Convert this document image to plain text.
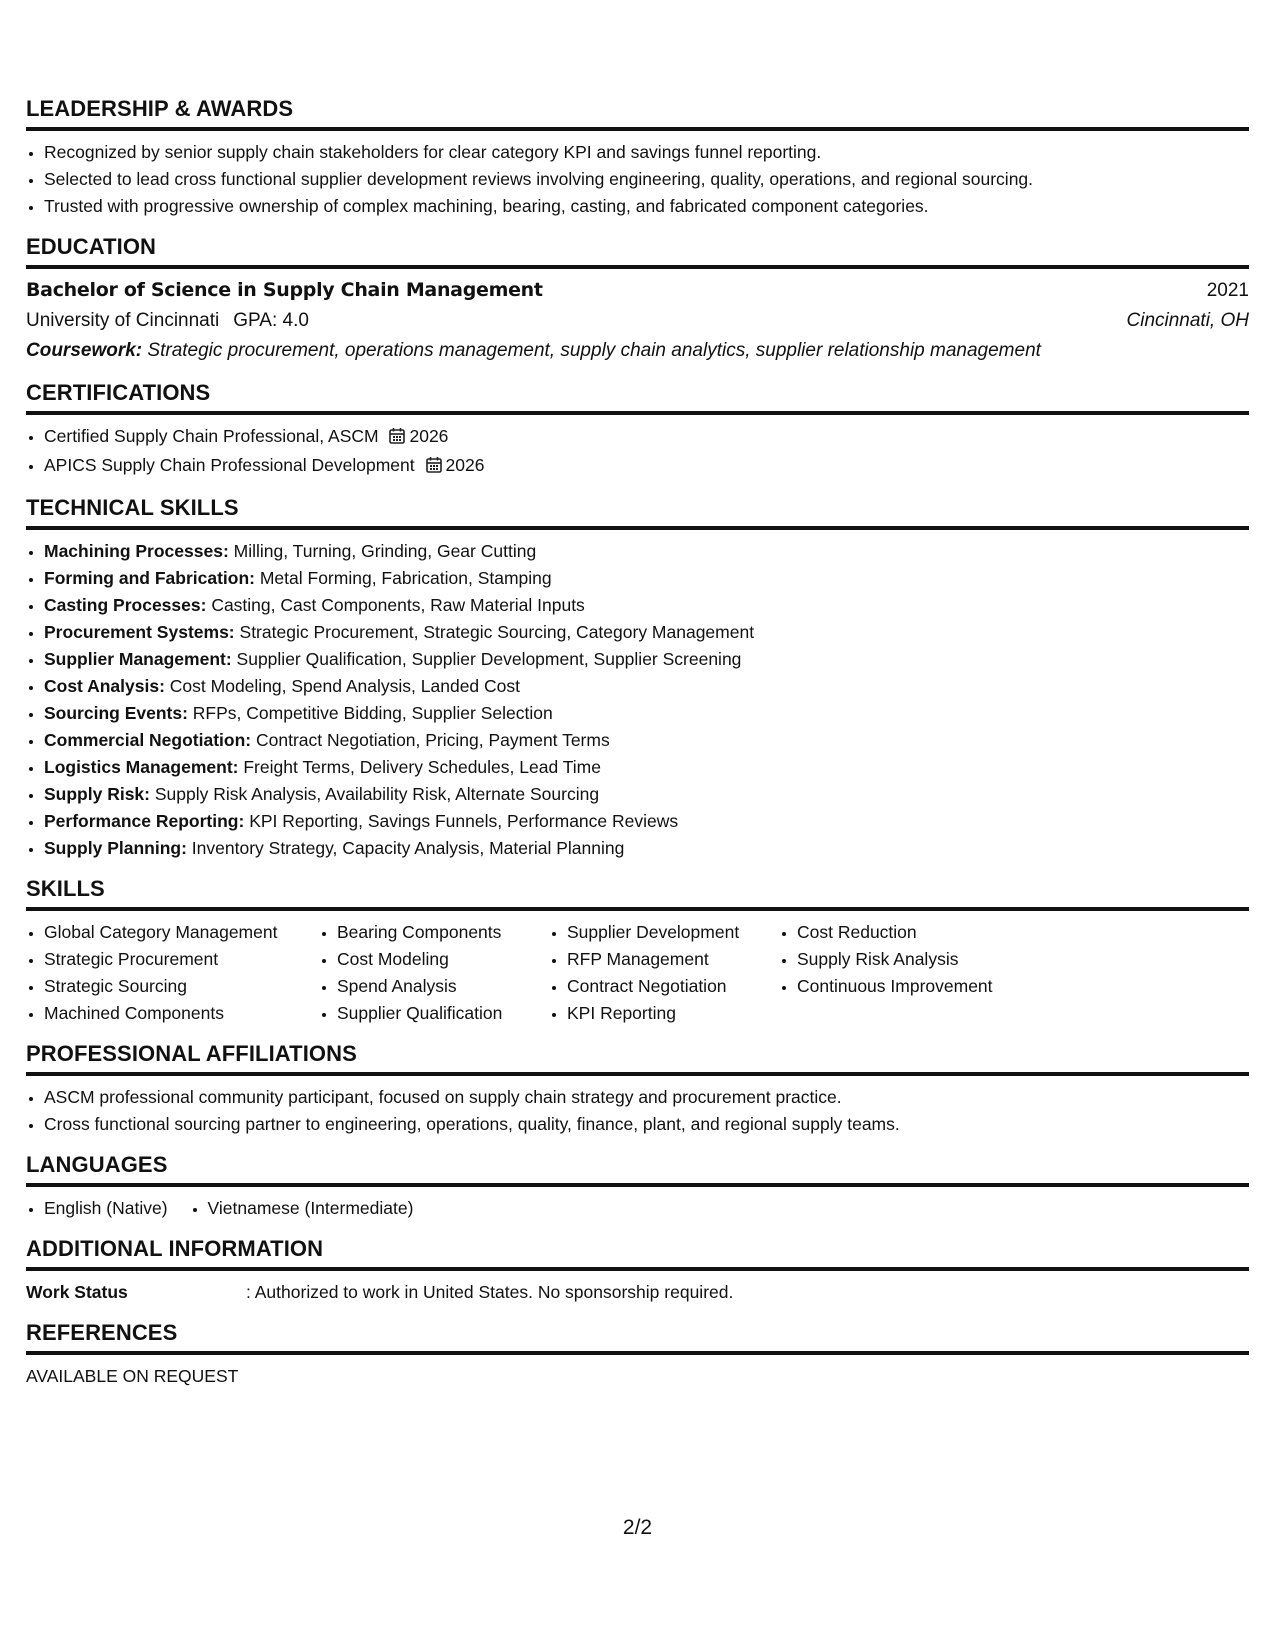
LEADERSHIP & AWARDS
• Recognized by senior supply chain stakeholders for clear category KPI and savings funnel reporting.
• Selected to lead cross functional supplier development reviews involving engineering, quality, operations, and regional sourcing.
• Trusted with progressive ownership of complex machining, bearing, casting, and fabricated component categories.
EDUCATION
Bachelor of Science in Supply Chain Management	2021
University of Cincinnati GPA: 4.0	Cincinnati, OH
Coursework: Strategic procurement, operations management, supply chain analytics, supplier relationship management
CERTIFICATIONS
• Certified Supply Chain Professional, ASCM 2026
• APICS Supply Chain Professional Development 2026
TECHNICAL SKILLS
• Machining Processes: Milling, Turning, Grinding, Gear Cutting
• Forming and Fabrication: Metal Forming, Fabrication, Stamping
• Casting Processes: Casting, Cast Components, Raw Material Inputs
• Procurement Systems: Strategic Procurement, Strategic Sourcing, Category Management
• Supplier Management: Supplier Qualification, Supplier Development, Supplier Screening
• Cost Analysis: Cost Modeling, Spend Analysis, Landed Cost
• Sourcing Events: RFPs, Competitive Bidding, Supplier Selection
• Commercial Negotiation: Contract Negotiation, Pricing, Payment Terms
• Logistics Management: Freight Terms, Delivery Schedules, Lead Time
• Supply Risk: Supply Risk Analysis, Availability Risk, Alternate Sourcing
• Performance Reporting: KPI Reporting, Savings Funnels, Performance Reviews
• Supply Planning: Inventory Strategy, Capacity Analysis, Material Planning
SKILLS
• Global Category Management
• Strategic Procurement
• Strategic Sourcing
• Machined Components
• Bearing Components
• Cost Modeling
• Spend Analysis
• Supplier Qualification
• Supplier Development
• RFP Management
• Contract Negotiation
• KPI Reporting
• Cost Reduction
• Supply Risk Analysis
• Continuous Improvement
PROFESSIONAL AFFILIATIONS
• ASCM professional community participant, focused on supply chain strategy and procurement practice.
• Cross functional sourcing partner to engineering, operations, quality, finance, plant, and regional supply teams.
LANGUAGES
• English (Native)
• Vietnamese (Intermediate)
ADDITIONAL INFORMATION
Work Status	: Authorized to work in United States. No sponsorship required.
REFERENCES
AVAILABLE ON REQUEST
2/2
